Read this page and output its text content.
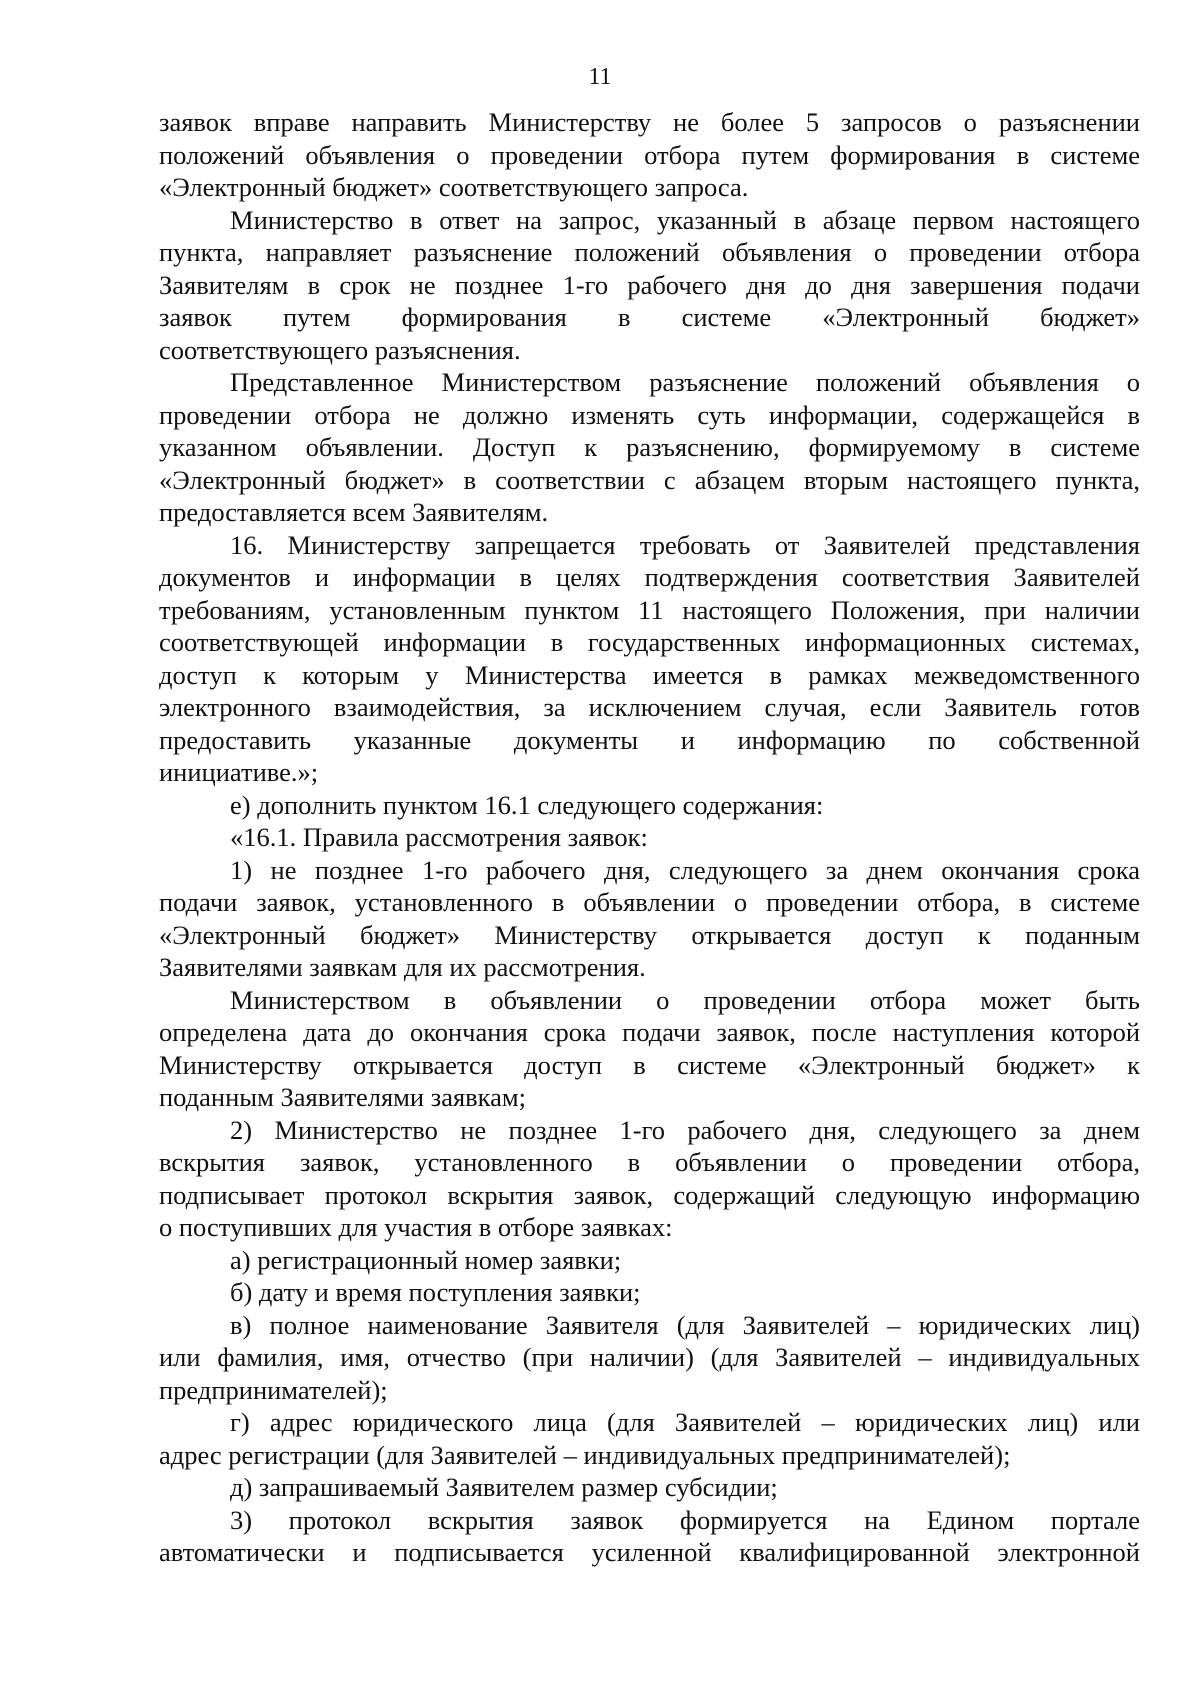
11
заявок вправе направить Министерству не более 5 запросов о разъяснении
положений объявления о проведении отбора путем формирования в системе
«Электронный бюджет» соответствующего запроса.
Министерство в ответ на запрос, указанный в абзаце первом настоящего
пункта, направляет разъяснение положений объявления о проведении отбора
Заявителям в срок не позднее 1-го рабочего дня до дня завершения подачи
заявок путем формирования в системе «Электронный бюджет»
соответствующего разъяснения.
Представленное Министерством разъяснение положений объявления о
проведении отбора не должно изменять суть информации, содержащейся в
указанном объявлении. Доступ к разъяснению, формируемому в системе
«Электронный бюджет» в соответствии с абзацем вторым настоящего пункта,
предоставляется всем Заявителям.
16. Министерству запрещается требовать от Заявителей представления
документов и информации в целях подтверждения соответствия Заявителей
требованиям, установленным пунктом 11 настоящего Положения, при наличии
соответствующей информации в государственных информационных системах,
доступ к которым у Министерства имеется в рамках межведомственного
электронного взаимодействия, за исключением случая, если Заявитель готов
предоставить указанные документы и информацию по собственной
инициативе.»;
е) дополнить пунктом 16.1 следующего содержания:
«16.1. Правила рассмотрения заявок:
1) не позднее 1-го рабочего дня, следующего за днем окончания срока
подачи заявок, установленного в объявлении о проведении отбора, в системе
«Электронный бюджет» Министерству открывается доступ к поданным
Заявителями заявкам для их рассмотрения.
Министерством в объявлении о проведении отбора может быть
определена дата до окончания срока подачи заявок, после наступления которой
Министерству открывается доступ в системе «Электронный бюджет» к
поданным Заявителями заявкам;
2) Министерство не позднее 1-го рабочего дня, следующего за днем
вскрытия заявок, установленного в объявлении о проведении отбора,
подписывает протокол вскрытия заявок, содержащий следующую информацию
о поступивших для участия в отборе заявках:
а) регистрационный номер заявки;
б) дату и время поступления заявки;
в) полное наименование Заявителя (для Заявителей – юридических лиц)
или фамилия, имя, отчество (при наличии) (для Заявителей – индивидуальных
предпринимателей);
г) адрес юридического лица (для Заявителей – юридических лиц) или
адрес регистрации (для Заявителей – индивидуальных предпринимателей);
д) запрашиваемый Заявителем размер субсидии;
3) протокол вскрытия заявок формируется на Едином портале
автоматически и подписывается усиленной квалифицированной электронной
